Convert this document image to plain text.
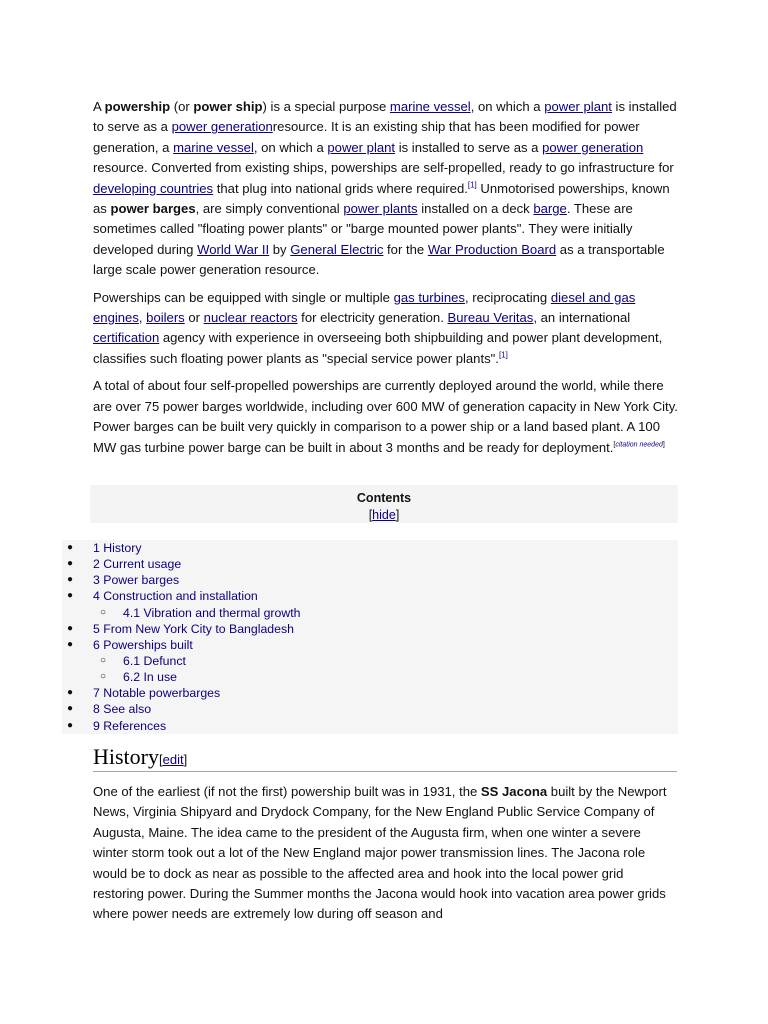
A powership (or power ship) is a special purpose marine vessel, on which a power plant is installed to serve as a power generationresource. It is an existing ship that has been modified for power generation, a marine vessel, on which a power plant is installed to serve as a power generation resource. Converted from existing ships, powerships are self-propelled, ready to go infrastructure for developing countries that plug into national grids where required.[1] Unmotorised powerships, known as power barges, are simply conventional power plants installed on a deck barge. These are sometimes called "floating power plants" or "barge mounted power plants". They were initially developed during World War II by General Electric for the War Production Board as a transportable large scale power generation resource.

Powerships can be equipped with single or multiple gas turbines, reciprocating diesel and gas engines, boilers or nuclear reactors for electricity generation. Bureau Veritas, an international certification agency with experience in overseeing both shipbuilding and power plant development, classifies such floating power plants as "special service power plants".[1]

A total of about four self-propelled powerships are currently deployed around the world, while there are over 75 power barges worldwide, including over 600 MW of generation capacity in New York City. Power barges can be built very quickly in comparison to a power ship or a land based plant. A 100 MW gas turbine power barge can be built in about 3 months and be ready for deployment.[citation needed]

Contents
[hide]
● 1 History
● 2 Current usage
● 3 Power barges
● 4 Construction and installation
○ 4.1 Vibration and thermal growth
● 5 From New York City to Bangladesh
● 6 Powerships built
○ 6.1 Defunct
○ 6.2 In use
● 7 Notable powerbarges
● 8 See also
● 9 References
History[edit]

One of the earliest (if not the first) powership built was in 1931, the SS Jacona built by the Newport News, Virginia Shipyard and Drydock Company, for the New England Public Service Company of Augusta, Maine. The idea came to the president of the Augusta firm, when one winter a severe winter storm took out a lot of the New England major power transmission lines. The Jacona role would be to dock as near as possible to the affected area and hook into the local power grid restoring power. During the Summer months the Jacona would hook into vacation area power grids where power needs are extremely low during off season and
